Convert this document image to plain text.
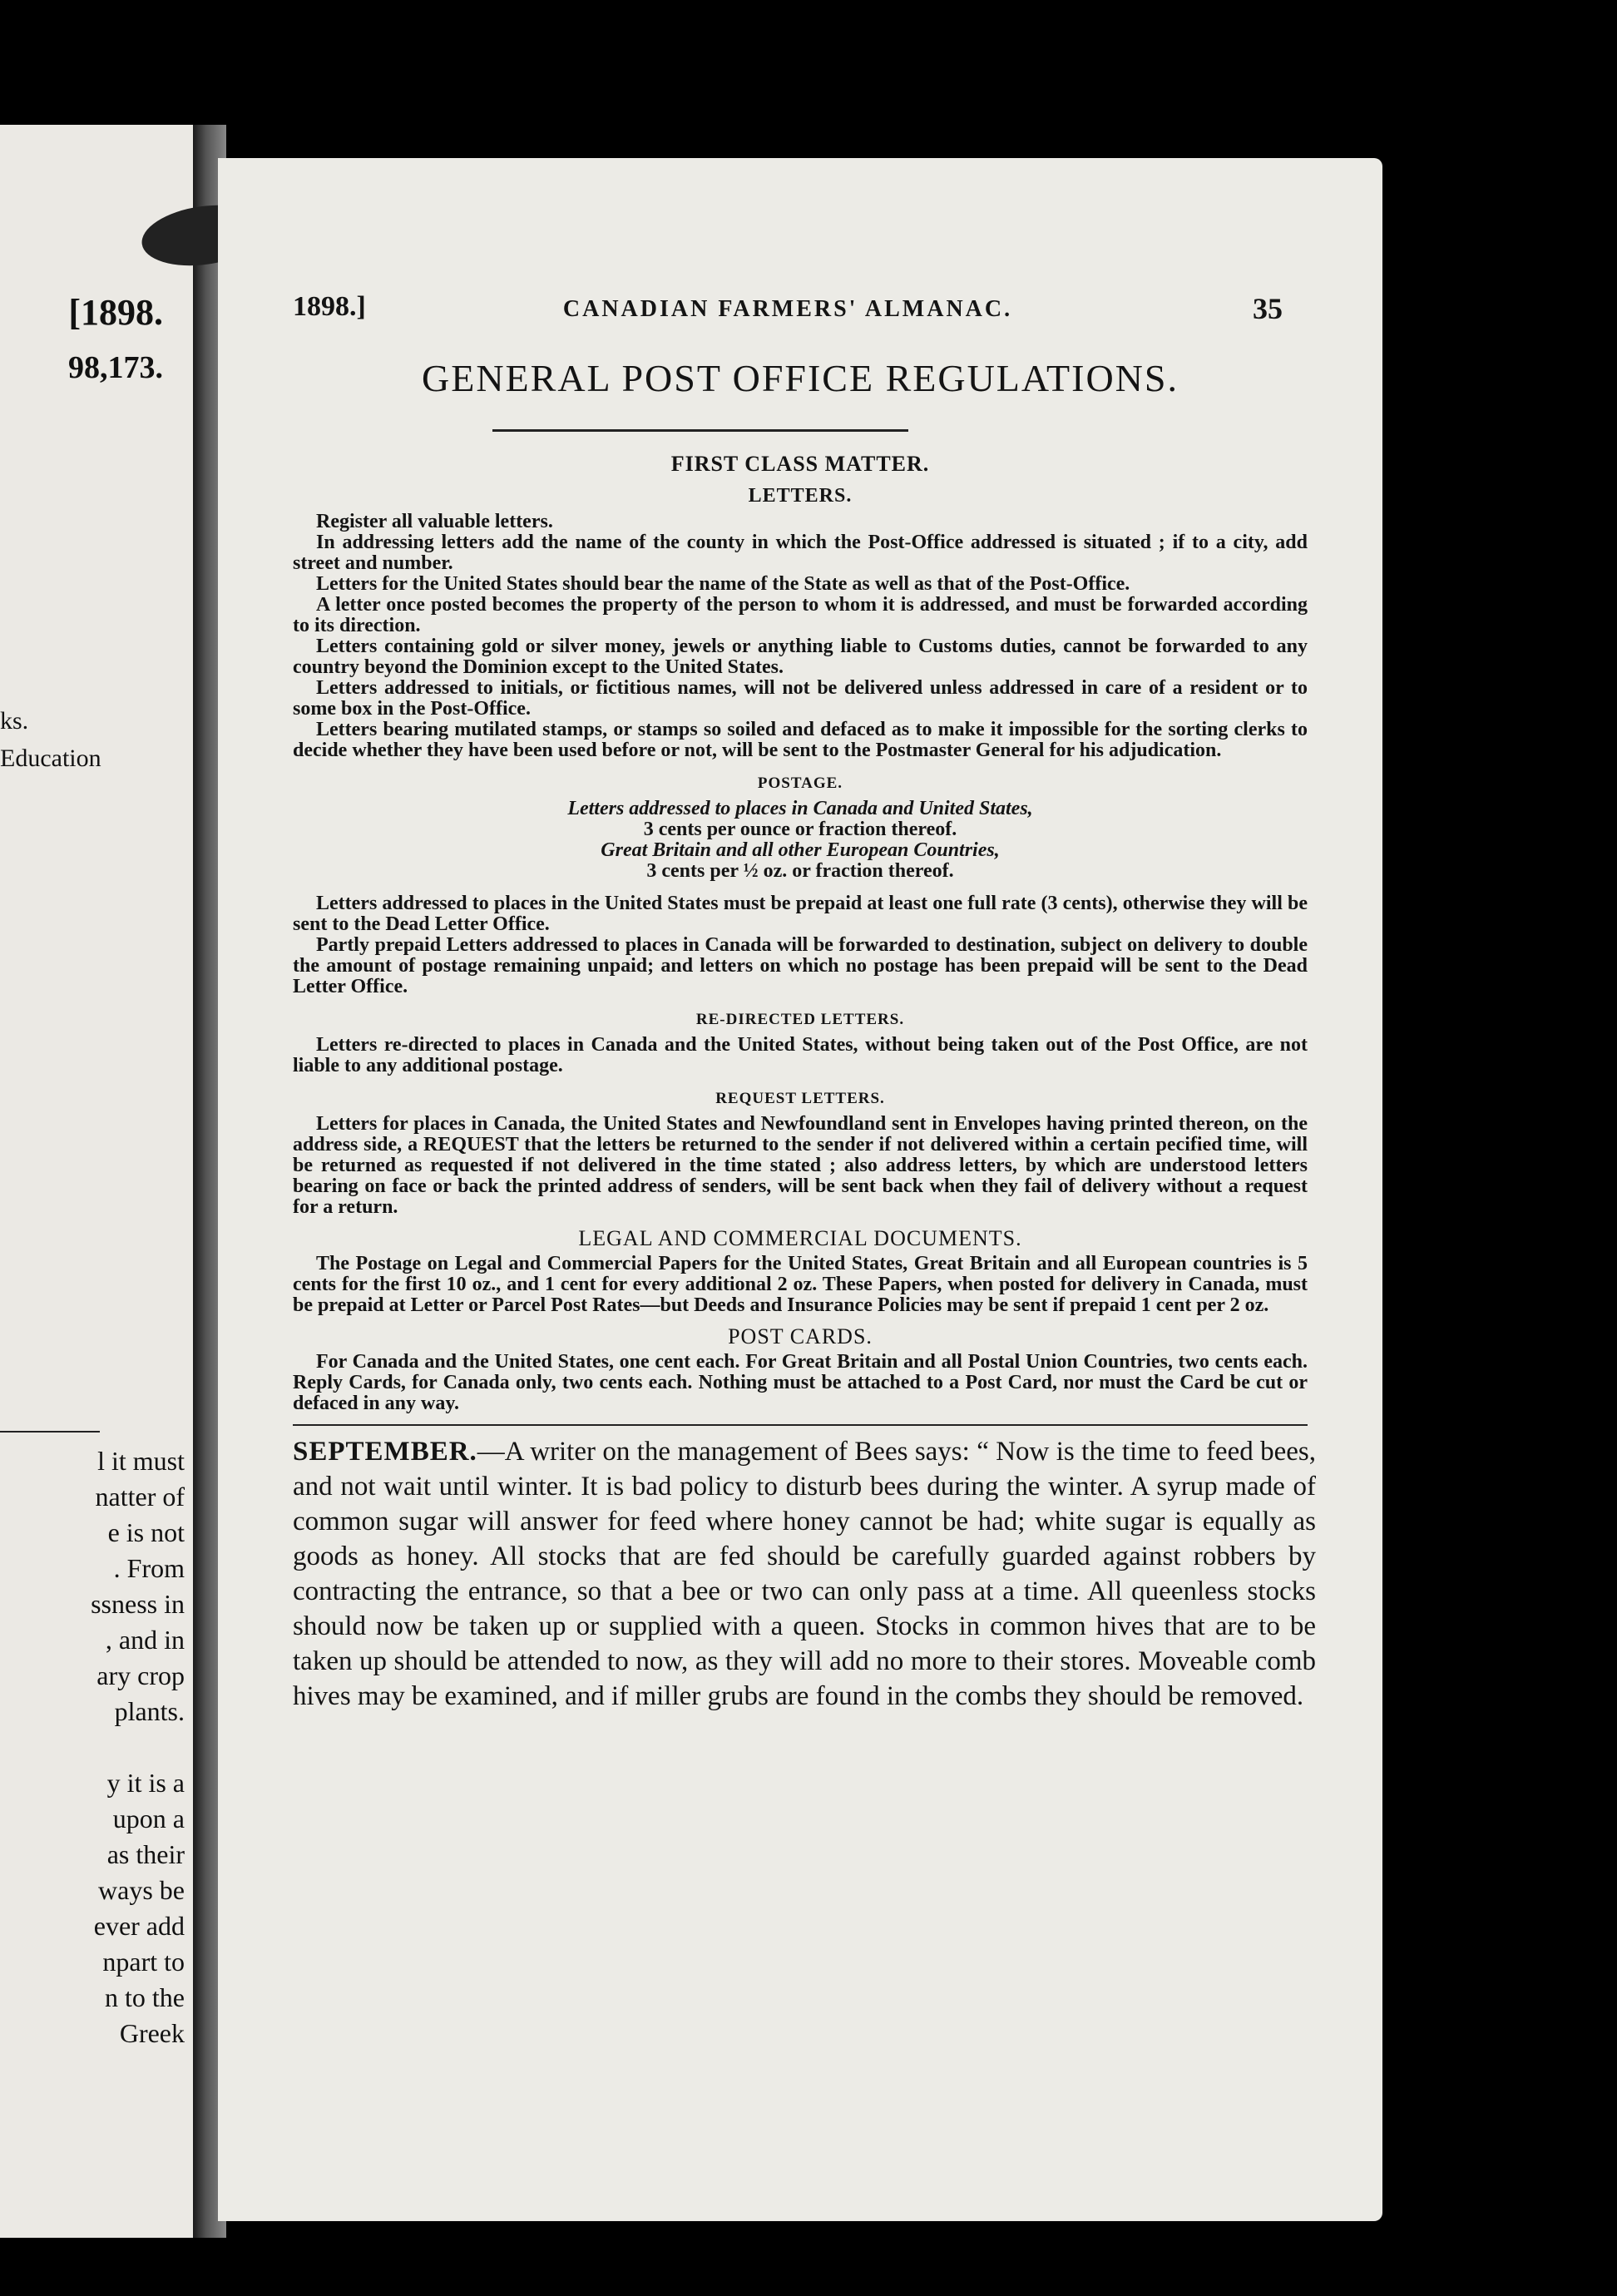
[1898.
98,173.
ks.
Education
l it must
natter of
e is not
. From
ssness in
, and in
ary crop
plants.

y it is a
upon a
as their
ways be
ever add
npart to
n to the
Greek
1898.]	CANADIAN FARMERS' ALMANAC.	35
GENERAL POST OFFICE REGULATIONS.
FIRST CLASS MATTER.
LETTERS.

Register all valuable letters.

In addressing letters add the name of the county in which the Post-Office addressed is situated ; if to a city, add street and number.

Letters for the United States should bear the name of the State as well as that of the Post-Office.

A letter once posted becomes the property of the person to whom it is addressed, and must be forwarded according to its direction.

Letters containing gold or silver money, jewels or anything liable to Customs duties, cannot be forwarded to any country beyond the Dominion except to the United States.

Letters addressed to initials, or fictitious names, will not be delivered unless addressed in care of a resident or to some box in the Post-Office.

Letters bearing mutilated stamps, or stamps so soiled and defaced as to make it impossible for the sorting clerks to decide whether they have been used before or not, will be sent to the Postmaster General for his adjudication.

POSTAGE.

Letters addressed to places in Canada and United States,

3 cents per ounce or fraction thereof.

Great Britain and all other European Countries,

3 cents per ½ oz. or fraction thereof.

Letters addressed to places in the United States must be prepaid at least one full rate (3 cents), otherwise they will be sent to the Dead Letter Office.

Partly prepaid Letters addressed to places in Canada will be forwarded to destination, subject on delivery to double the amount of postage remaining unpaid; and letters on which no postage has been prepaid will be sent to the Dead Letter Office.

RE-DIRECTED LETTERS.

Letters re-directed to places in Canada and the United States, without being taken out of the Post Office, are not liable to any additional postage.

REQUEST LETTERS.

Letters for places in Canada, the United States and Newfoundland sent in Envelopes having printed thereon, on the address side, a REQUEST that the letters be returned to the sender if not delivered within a certain pecified time, will be returned as requested if not delivered in the time stated ; also address letters, by which are understood letters bearing on face or back the printed address of senders, will be sent back when they fail of delivery without a request for a return.

LEGAL AND COMMERCIAL DOCUMENTS.

The Postage on Legal and Commercial Papers for the United States, Great Britain and all European countries is 5 cents for the first 10 oz., and 1 cent for every additional 2 oz. These Papers, when posted for delivery in Canada, must be prepaid at Letter or Parcel Post Rates—but Deeds and Insurance Policies may be sent if prepaid 1 cent per 2 oz.

POST CARDS.

For Canada and the United States, one cent each. For Great Britain and all Postal Union Countries, two cents each. Reply Cards, for Canada only, two cents each. Nothing must be attached to a Post Card, nor must the Card be cut or defaced in any way.

SEPTEMBER.—A writer on the management of Bees says: “ Now is the time to feed bees, and not wait until winter. It is bad policy to disturb bees during the winter. A syrup made of common sugar will answer for feed where honey cannot be had; white sugar is equally as goods as honey. All stocks that are fed should be carefully guarded against robbers by contracting the entrance, so that a bee or two can only pass at a time. All queenless stocks should now be taken up or supplied with a queen. Stocks in common hives that are to be taken up should be attended to now, as they will add no more to their stores. Moveable comb hives may be examined, and if miller grubs are found in the combs they should be removed.
